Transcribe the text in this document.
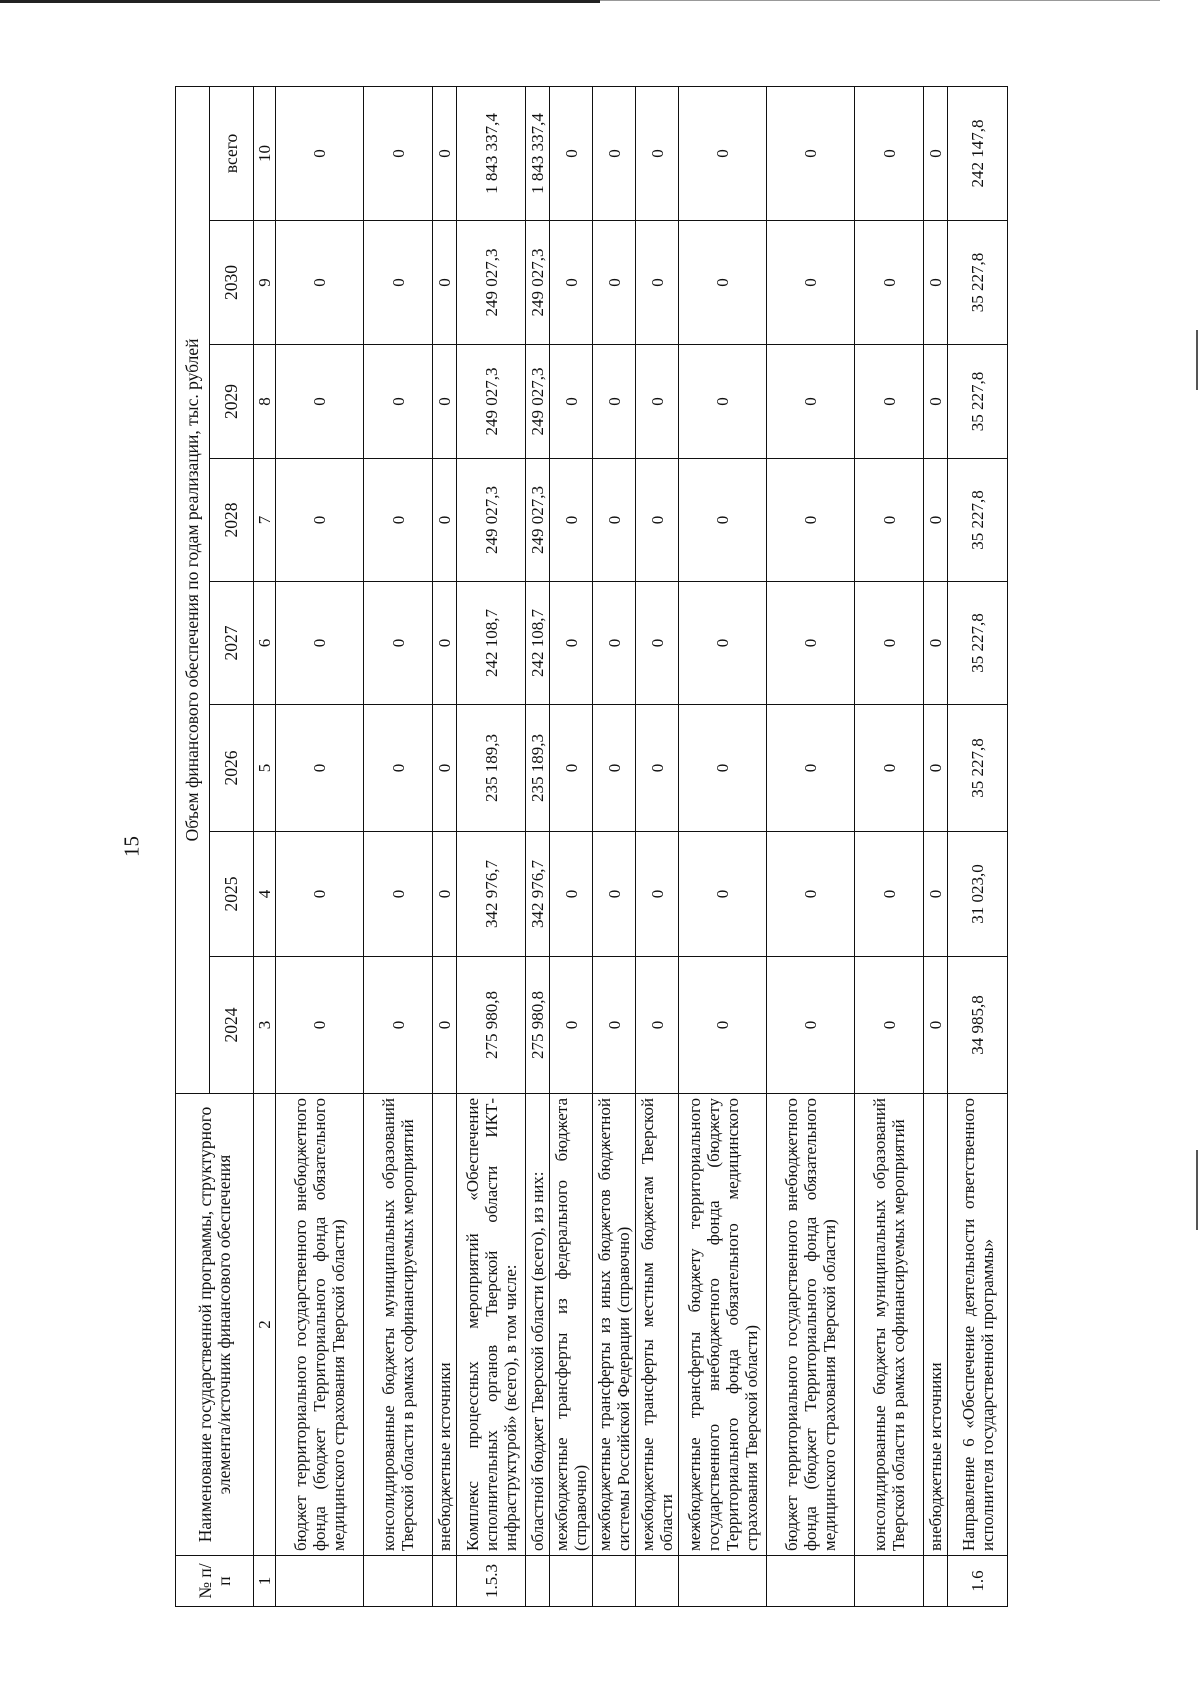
15
№ п/п	Наименование государственной программы, структурного элемента/источник финансового обеспечения	Объем финансового обеспечения по годам реализации, тыс. рублей							
		2024	2025	2026	2027	2028	2029	2030	всего
1	2	3	4	5	6	7	8	9	10
	бюджет территориального государственного внебюджетного фонда (бюджет Территориального фонда обязательного медицинского страхования Тверской области)	0	0	0	0	0	0	0	0
	консолидированные бюджеты муниципальных образований Тверской области в рамках софинансируемых мероприятий	0	0	0	0	0	0	0	0
	внебюджетные источники	0	0	0	0	0	0	0	0
1.5.3	Комплекс процессных мероприятий «Обеспечение исполнительных органов Тверской области ИКТ-инфраструктурой» (всего), в том числе:	275 980,8	342 976,7	235 189,3	242 108,7	249 027,3	249 027,3	249 027,3	1 843 337,4
	областной бюджет Тверской области (всего), из них:	275 980,8	342 976,7	235 189,3	242 108,7	249 027,3	249 027,3	249 027,3	1 843 337,4
	межбюджетные трансферты из федерального бюджета (справочно)	0	0	0	0	0	0	0	0
	межбюджетные трансферты из иных бюджетов бюджетной системы Российской Федерации (справочно)	0	0	0	0	0	0	0	0
	межбюджетные трансферты местным бюджетам Тверской области	0	0	0	0	0	0	0	0
	межбюджетные трансферты бюджету территориального государственного внебюджетного фонда (бюджету Территориального фонда обязательного медицинского страхования Тверской области)	0	0	0	0	0	0	0	0
	бюджет территориального государственного внебюджетного фонда (бюджет Территориального фонда обязательного медицинского страхования Тверской области)	0	0	0	0	0	0	0	0
	консолидированные бюджеты муниципальных образований Тверской области в рамках софинансируемых мероприятий	0	0	0	0	0	0	0	0
	внебюджетные источники	0	0	0	0	0	0	0	0
1.6	Направление 6 «Обеспечение деятельности ответственного исполнителя государственной программы»	34 985,8	31 023,0	35 227,8	35 227,8	35 227,8	35 227,8	35 227,8	242 147,8
